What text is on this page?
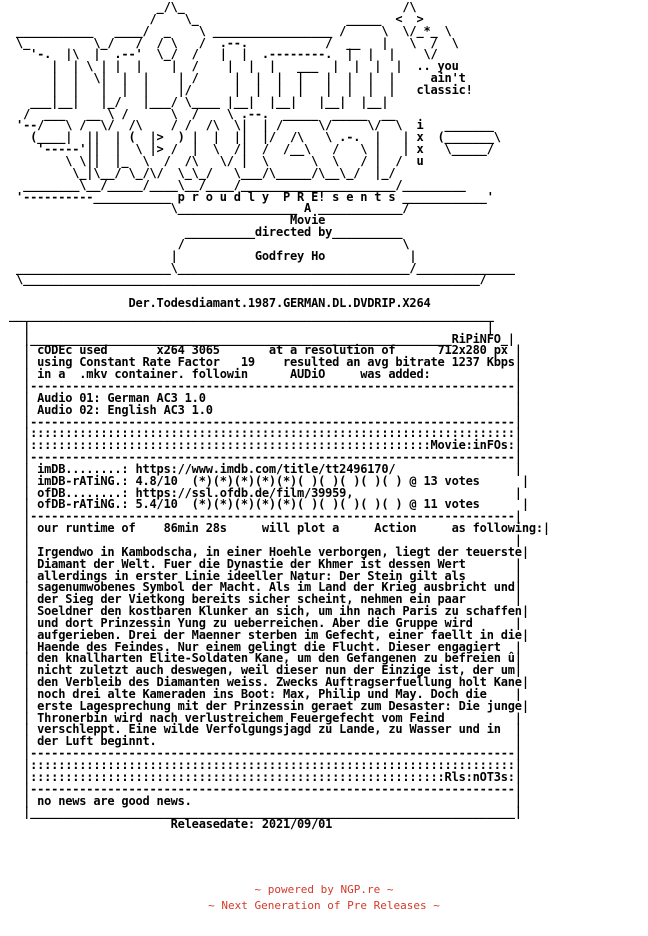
_/\_                               /\
/    \_                     _____  <  >
___________   ____/  _    \ _________________ /     \  \/_*_ \
\_         \_/   /  / \   /  .--.           /  __   |   \  /  \
'-.  |\  |  .--'  \_/  /   |  |  .--------.  |  |  |    \/
|  | \ | |  |    |  /    |  |  |   ___  |  |  |  |  .. you
|  |  \|  |  |    | /     |  |  |  |   |  |  |  |     ain't
|  |   |  |  |    |/      |  |  |  |   |  |  |  |   classic!
___|__|   |_/   |___/ \____ |__|  |__|   |__|  |__|
/  ___   __ \ /      \  /    \ .--.  _____  _____  __
'--/   \ /  \/  /\    / /  /\  \|  | /     \/     \/  \  i   _______
(____|  ||  | (  |>  ) |  |  ||  |/  /\   \ .-.  |   | x  (_______\
'-----'||  |  \ |> /  |  \  /|  /  /__\   /   \ |   | x   \_____/
\ \||  |_  \  /  /\   \/ |  \      \  \   / |  /  u
\_|\__/ \_/\/  \_\_/   \___/\_____/\__\_/  |_/
________\__/_____/____\__/____/______________________/_________
'----------___________ p r o u d l y  P R E! s e n t s ____________'
\_________________ A ____________/
Movie
__________directed by__________
/                               \
|           Godfrey Ho            |
______________________\_________________________________/______________
\_________________________________________________________________/

Der.Todesdiamant.1987.GERMAN.DL.DVDRIP.X264
_____________________________________________________________________
|                                                                 |
|____________________________________________________________RiPiNFO_|
| cODEc used       x264 3065       at a resolution of      712x280 px |
| using Constant Rate Factor   19    resulted an avg bitrate 1237 Kbps|
| in a  .mkv container. followin      AUDiO     was added:            |
|---------------------------------------------------------------------|
| Audio 01: German AC3 1.0                                            |
| Audio 02: English AC3 1.0                                           |
|---------------------------------------------------------------------|
|:::::::::::::::::::::::::::::::::::::::::::::::::::::::::::::::::::::|
|:::::::::::::::::::::::::::::::::::::::::::::::::::::::::Movie:inFOs:|
|---------------------------------------------------------------------|
| imDB........: https://www.imdb.com/title/tt2496170/                 |
| imDB-rATiNG.: 4.8/10  (*)(*)(*)(*)(*)( )( )( )( )( ) @ 13 votes      |
| ofDB........: https://ssl.ofdb.de/film/39959,                       |
| ofDB-rATiNG.: 5.4/10  (*)(*)(*)(*)(*)( )( )( )( )( ) @ 11 votes      |
|---------------------------------------------------------------------|
| our runtime of    86min 28s     will plot a     Action     as following:|
|                                                                     |
| Irgendwo in Kambodscha, in einer Hoehle verborgen, liegt der teuerste|
| Diamant der Welt. Fuer die Dynastie der Khmer ist dessen Wert       |
| allerdings in erster Linie ideeller Natur: Der Stein gilt als       |
| sagenumwobenes Symbol der Macht. Als im Land der Krieg ausbricht und|
| der Sieg der Vietkong bereits sicher scheint, nehmen ein paar       |
| Soeldner den kostbaren Klunker an sich, um ihn nach Paris zu schaffen|
| und dort Prinzessin Yung zu ueberreichen. Aber die Gruppe wird      |
| aufgerieben. Drei der Maenner sterben im Gefecht, einer faellt in die|
| Haende des Feindes. Nur einem gelingt die Flucht. Dieser engagiert  |
| den knallharten Elite-Soldaten Kane, um den Gefangenen zu befreien û|
| nicht zuletzt auch deswegen, weil dieser nun der Einzige ist, der um|
| den Verbleib des Diamanten weiss. Zwecks Auftragserfuellung holt Kane|
| noch drei alte Kameraden ins Boot: Max, Philip und May. Doch die    |
| erste Lagesprechung mit der Prinzessin geraet zum Desaster: Die junge|
| Thronerbin wird nach verlustreichem Feuergefecht vom Feind          |
| verschleppt. Eine wilde Verfolgungsjagd zu Lande, zu Wasser und in  |
| der Luft beginnt.                                                   |
|---------------------------------------------------------------------|
|:::::::::::::::::::::::::::::::::::::::::::::::::::::::::::::::::::::|
|:::::::::::::::::::::::::::::::::::::::::::::::::::::::::::Rls:nOT3s:|
|---------------------------------------------------------------------|
| no news are good news.                                              |
|_____________________________________________________________________|
Releasedate: 2021/09/01
~ powered by NGP.re ~
~ Next Generation of Pre Releases ~
